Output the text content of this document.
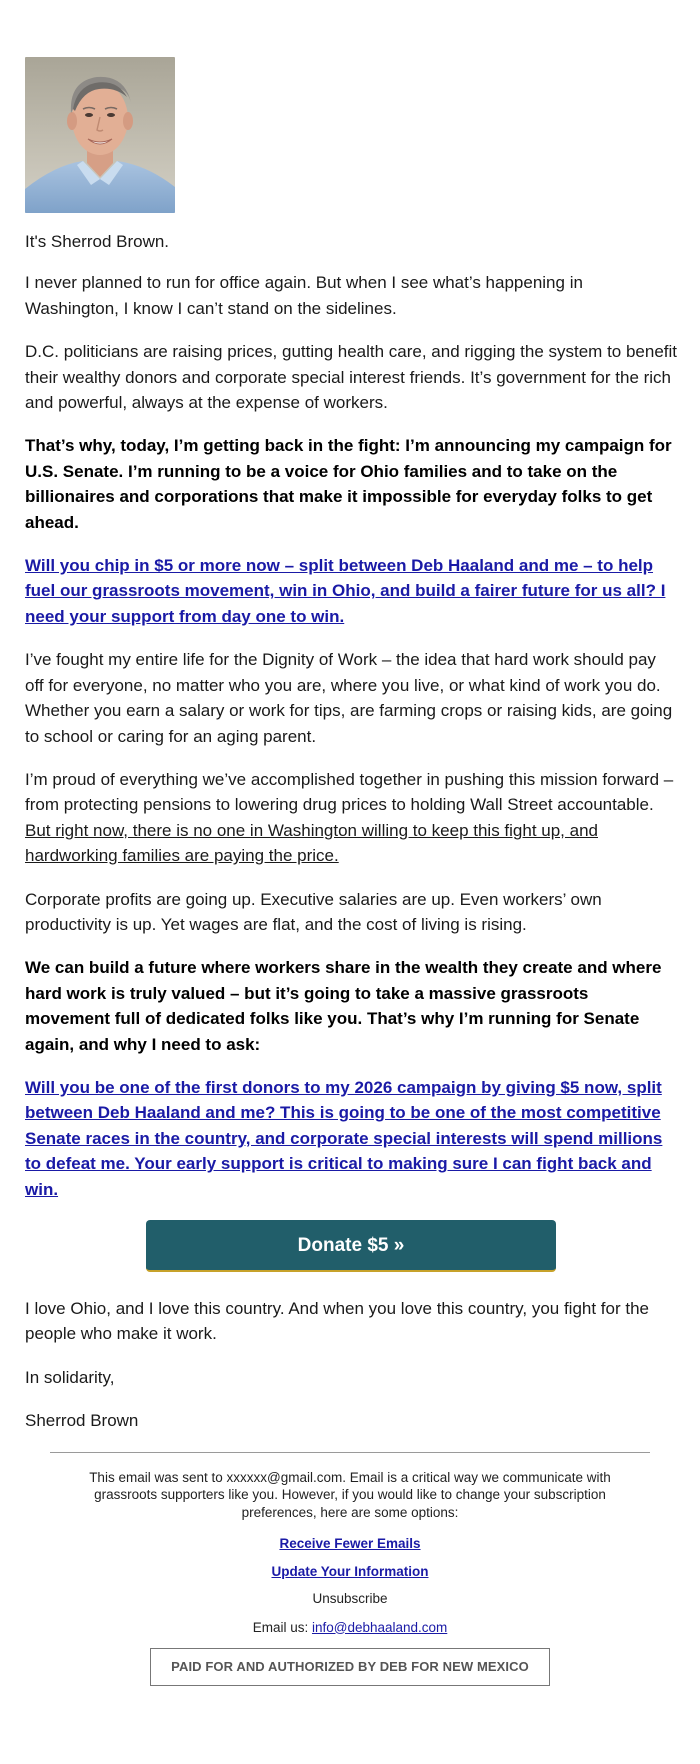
It's Sherrod Brown.

I never planned to run for office again. But when I see what’s happening in Washington, I know I can’t stand on the sidelines.

D.C. politicians are raising prices, gutting health care, and rigging the system to benefit their wealthy donors and corporate special interest friends. It’s government for the rich and powerful, always at the expense of workers.

That’s why, today, I’m getting back in the fight: I’m announcing my campaign for U.S. Senate. I’m running to be a voice for Ohio families and to take on the billionaires and corporations that make it impossible for everyday folks to get ahead.

Will you chip in $5 or more now – split between Deb Haaland and me – to help fuel our grassroots movement, win in Ohio, and build a fairer future for us all? I need your support from day one to win.

I’ve fought my entire life for the Dignity of Work – the idea that hard work should pay off for everyone, no matter who you are, where you live, or what kind of work you do. Whether you earn a salary or work for tips, are farming crops or raising kids, are going to school or caring for an aging parent.

I’m proud of everything we’ve accomplished together in pushing this mission forward – from protecting pensions to lowering drug prices to holding Wall Street accountable. But right now, there is no one in Washington willing to keep this fight up, and hardworking families are paying the price.

Corporate profits are going up. Executive salaries are up. Even workers’ own productivity is up. Yet wages are flat, and the cost of living is rising.

We can build a future where workers share in the wealth they create and where hard work is truly valued – but it’s going to take a massive grassroots movement full of dedicated folks like you. That’s why I’m running for Senate again, and why I need to ask:

Will you be one of the first donors to my 2026 campaign by giving $5 now, split between Deb Haaland and me? This is going to be one of the most competitive Senate races in the country, and corporate special interests will spend millions to defeat me. Your early support is critical to making sure I can fight back and win.

Donate $5 »

I love Ohio, and I love this country. And when you love this country, you fight for the people who make it work.

In solidarity,

Sherrod Brown

This email was sent to xxxxxx@gmail.com. Email is a critical way we communicate with grassroots supporters like you. However, if you would like to change your subscription preferences, here are some options:
Receive Fewer Emails
Update Your Information
Unsubscribe
Email us: info@debhaaland.com
PAID FOR AND AUTHORIZED BY DEB FOR NEW MEXICO
